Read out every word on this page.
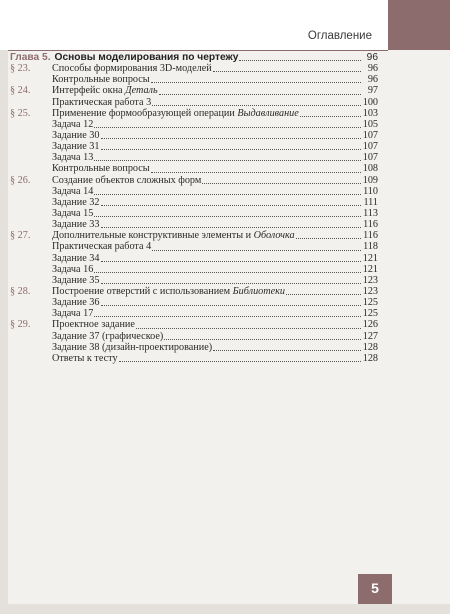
Оглавление
Глава 5. Основы моделирования по чертежу	96
§ 23.	Способы формирования 3D-моделей	96
Контрольные вопросы	96
§ 24.	Интерфейс окна Деталь	97
Практическая работа 3	100
§ 25.	Применение формообразующей операции Выдавливание	103
Задача 12	105
Задание 30	107
Задание 31	107
Задача 13	107
Контрольные вопросы	108
§ 26.	Создание объектов сложных форм	109
Задача 14	110
Задание 32	111
Задача 15	113
Задание 33	116
§ 27.	Дополнительные конструктивные элементы и Оболочка	116
Практическая работа 4	118
Задание 34	121
Задача 16	121
Задание 35	123
§ 28.	Построение отверстий с использованием Библиотеки	123
Задание 36	125
Задача 17	125
§ 29.	Проектное задание	126
Задание 37 (графическое)	127
Задание 38 (дизайн-проектирование)	128
Ответы к тесту	128
5
